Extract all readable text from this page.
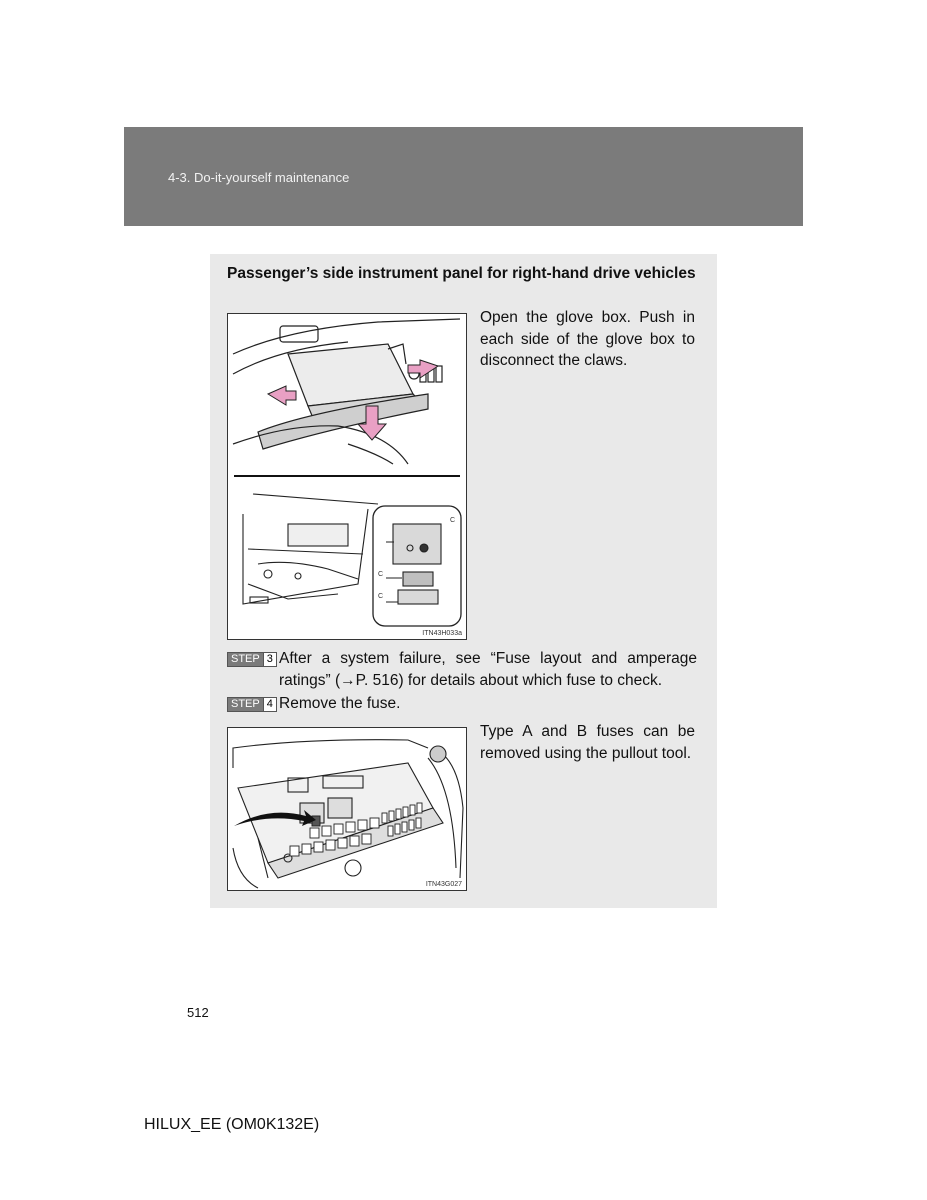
4-3. Do-it-yourself maintenance
Passenger’s side instrument panel for right-hand drive vehicles
C
C
C
ITN43H033a
Open the glove box. Push in each side of the glove box to disconnect the claws.
STEP 3 After a system failure, see “Fuse layout and amperage ratings” (→P. 516) for details about which fuse to check.
STEP 4 Remove the fuse.
ITN43G027
Type A and B fuses can be removed using the pullout tool.
512
HILUX_EE (OM0K132E)
